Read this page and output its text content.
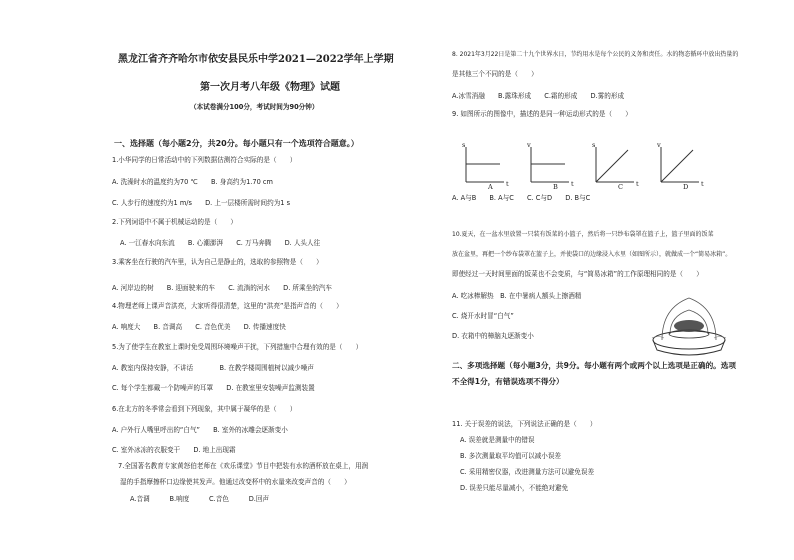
黑龙江省齐齐哈尔市依安县民乐中学2021—2022学年上学期
第一次月考八年级《物理》试题
（本试卷满分100分，考试时间为90分钟）
一、选择题（每小题2分，共20分。每小题只有一个选项符合题意。）
1.小华同学的日常活动中的下列数据估测符合实际的是（　　）
A. 洗澡时水的温度约为70 ℃　　B. 身高约为1.70 cm
C. 人步行的速度约为1 m/s　　D. 上一层楼所需时间约为1 s
2.下列词语中不属于机械运动的是（　　）
A. 一江春水向东流　　B. 心潮澎湃　　C. 万马奔腾　　D. 人头人往
3.乘客坐在行驶的汽车里，认为自己是静止的，选取的参照物是（　　）
A. 河岸边的树　　B. 迎面驶来的车　　C. 流淌的河水　　D. 所乘坐的汽车
4.物理老师上课声音洪亮，大家听得很清楚，这里的“洪亮”是指声音的（　　）
A. 响度大　　B. 音调高　　C. 音色优美　　D. 传播速度快
5.为了使学生在教室上课时免受周围环境噪声干扰，下列措施中合理有效的是（　　）
A. 教室内保持安静，不讲话　　　　B. 在教学楼周围植树以减少噪声
C. 每个学生都戴一个防噪声的耳罩　　D. 在教室里安装噪声监测装置
6.在北方的冬季常会看到下列现象，其中属于凝华的是（　　）
A. 户外行人嘴里呼出的“白气”　　B. 室外的冰雕会逐渐变小
C. 室外冰冻的衣服变干　　D. 地上出现霜
7.全国著名教育专家黄怒伯老师在《欢乐课堂》节目中把装有水的酒杯放在桌上，用润
湿的手指摩擦杯口边缘使其发声。他通过改变杯中的水量来改变声音的（　　）
A.音调　　　B.响度　　　C.音色　　　D.回声
8. 2021年3月22日是第二十九个世界水日，节约用水是每个公民的义务和责任。水的物态循环中放出热量的
是其他三个不同的是（　　）
A.冰雪消融　　B.露珠形成　　C.霜的形成　　D.雾的形成
9. 如图所示的图像中，描述的是同一种运动形式的是（　　）
s
t
A
v
t
B
s
t
C
v
t
D
A. A与B　　B. A与C　　C. C与D　　D. B与C
10.夏天，在一盆水里放置一只装有饭菜的小篮子，然后将一只纱布袋罩在篮子上，篮子里面的饭菜
放在盆里，再把一个纱布袋罩在篮子上，并使袋口的边缘浸入水里（如图所示），就做成一个“简易冰箱”。
即使经过一天时间里面的饭菜也不会变质，与“简易冰箱”的工作原理相同的是（　　）
A. 吃冰棒解热　B. 在中暑病人额头上擦酒精
C. 烧开水时冒“白气”
D. 衣箱中的樟脑丸逐渐变小
二、多项选择题（每小题3分，共9分。每小题有两个或两个以上选项是正确的。选项
不全得1分，有错误选项不得分）
11. 关于误差的说法，下列说法正确的是（　　）
A. 误差就是测量中的错误
B. 多次测量取平均值可以减小误差
C. 采用精密仪器，改进测量方法可以避免误差
D. 误差只能尽量减小，不能绝对避免
